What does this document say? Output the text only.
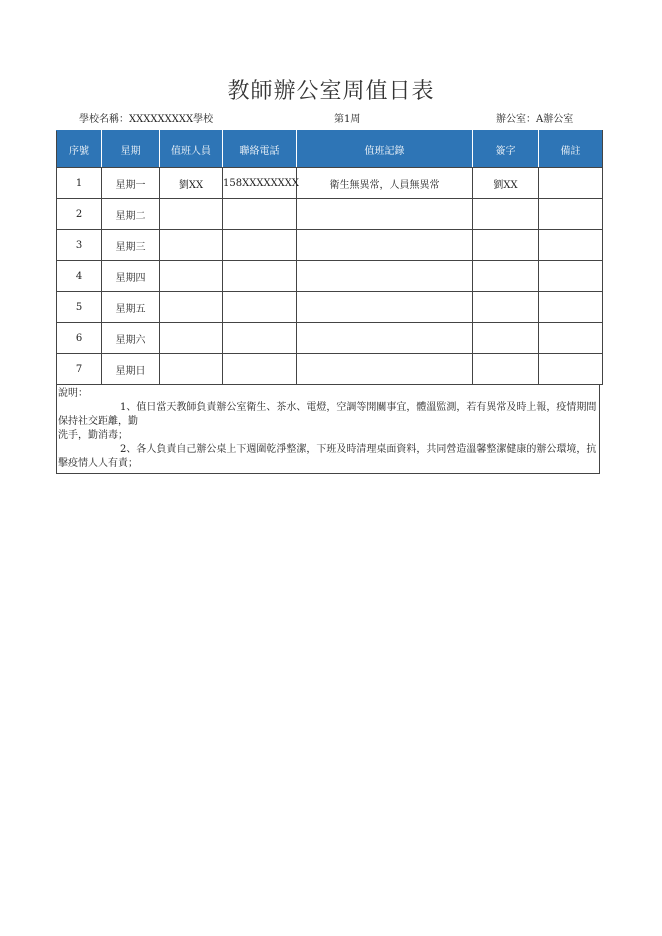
教師辦公室周值日表
學校名稱：XXXXXXXXX學校	第1周	辦公室：A辦公室
序號	星期	值班人員	聯絡電話	值班記錄	簽字	備註
1	星期一	劉XX	158XXXXXXXX	衛生無異常，人員無異常	劉XX	
2	星期二					
3	星期三					
4	星期四					
5	星期五					
6	星期六					
7	星期日					
說明：
1、值日當天教師負責辦公室衛生、茶水、電燈，空調等開關事宜，體溫監測，若有異常及時上報，疫情期間保持社交距離，勤
洗手，勤消毒；
2、各人負責自己辦公桌上下週圍乾淨整潔，下班及時清理桌面資料，共同營造溫馨整潔健康的辦公環境，抗擊疫情人人有責；
